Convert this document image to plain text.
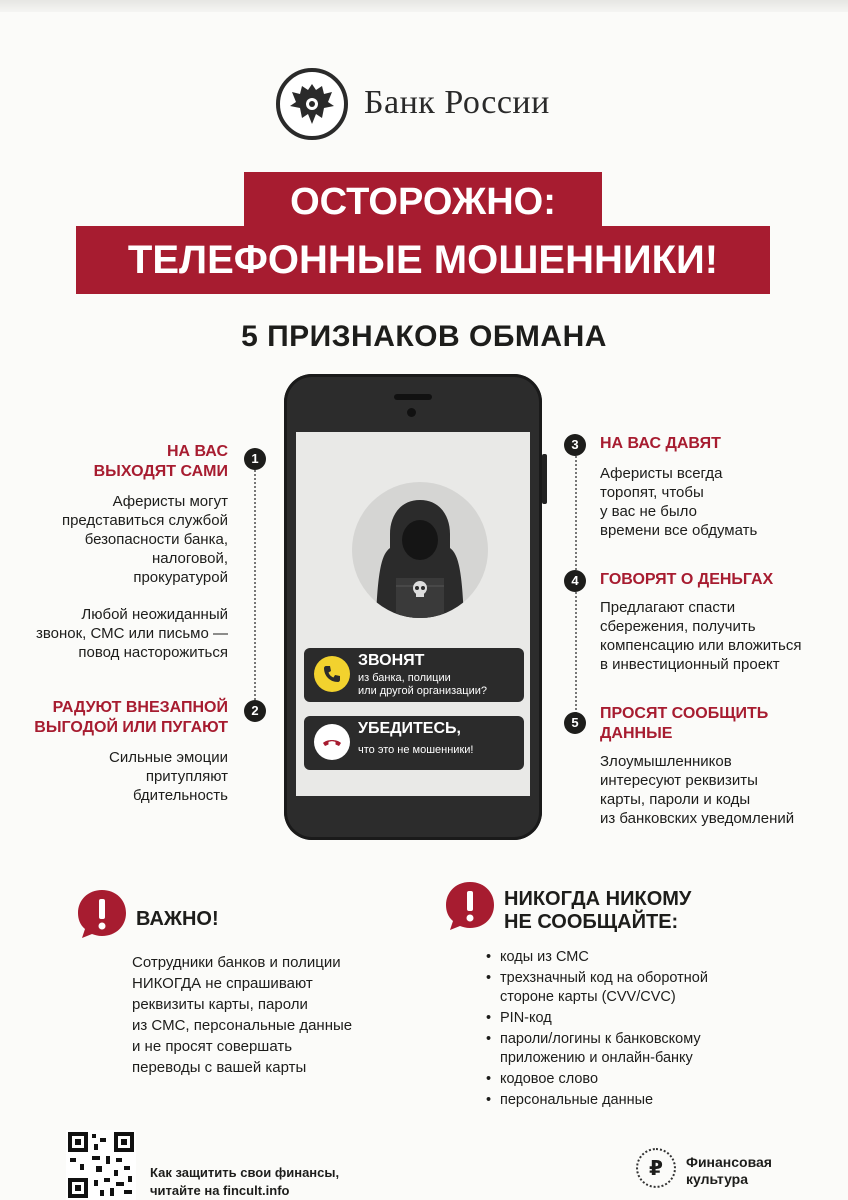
Банк России
ОСТОРОЖНО:
ТЕЛЕФОННЫЕ МОШЕННИКИ!
5 ПРИЗНАКОВ ОБМАНА
ЗВОНЯТ
из банка, полиции
или другой организации?
УБЕДИТЕСЬ,
что это не мошенники!
1
НА ВАС
ВЫХОДЯТ САМИ
Аферисты могут
представиться службой
безопасности банка,
налоговой,
прокуратурой
Любой неожиданный
звонок, СМС или письмо —
повод насторожиться
2
РАДУЮТ ВНЕЗАПНОЙ
ВЫГОДОЙ ИЛИ ПУГАЮТ
Сильные эмоции
притупляют
бдительность
3	НА ВАС ДАВЯТ
Аферисты всегда
торопят, чтобы
у вас не было
времени все обдумать
4	ГОВОРЯТ О ДЕНЬГАХ
Предлагают спасти
сбережения, получить
компенсацию или вложиться
в инвестиционный проект
5
ПРОСЯТ СООБЩИТЬ
ДАННЫЕ
Злоумышленников
интересуют реквизиты
карты, пароли и коды
из банковских уведомлений
ВАЖНО!
Сотрудники банков и полиции
НИКОГДА не спрашивают
реквизиты карты, пароли
из СМС, персональные данные
и не просят совершать
переводы с вашей карты
НИКОГДА НИКОМУ
НЕ СООБЩАЙТЕ:
• коды из СМС
• трехзначный код на оборотной
стороне карты (CVV/CVC)
• PIN-код
• пароли/логины к банковскому
приложению и онлайн-банку
• кодовое слово
• персональные данные
Как защитить свои финансы,
читайте на fincult.info
₽	Финансовая
культура
